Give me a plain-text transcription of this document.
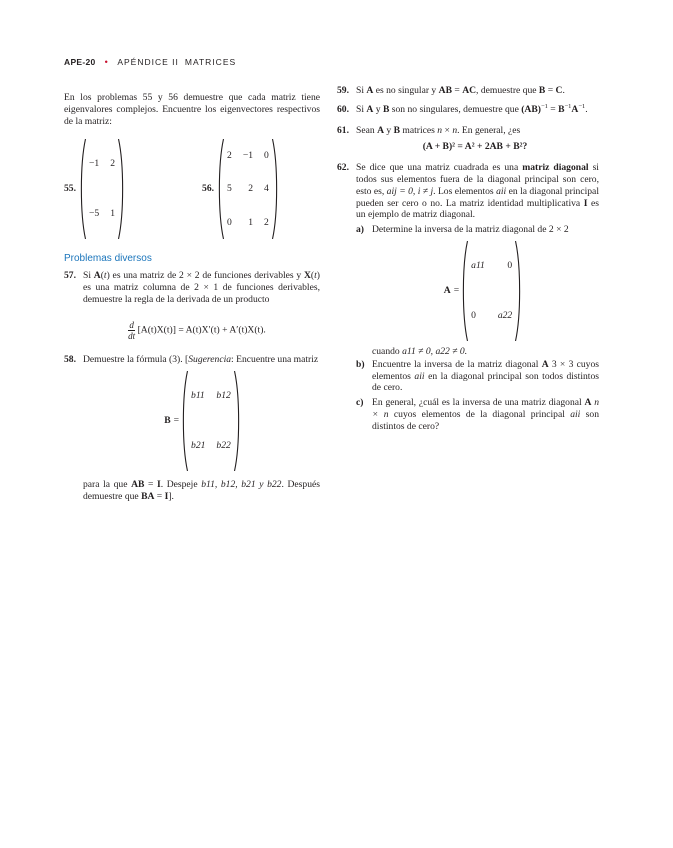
APE-20 • APÉNDICE II MATRICES

En los problemas 55 y 56 demuestre que cada matriz tiene eigenvalores complejos. Encuentre los eigenvectores respectivos de la matriz:

55.
−1	2
−5	1
56.
2	−1	0
5	2	4
0	1	2

Problemas diversos

57. Si A(t) es una matriz de 2 × 2 de funciones derivables y X(t) es una matriz columna de 2 × 1 de funciones derivables, demuestre la regla de la derivada de un producto
$\frac{d}{dt} [A(t)X(t)] = A(t)X'(t) + A'(t)X(t)$.
58. Demuestre la fórmula (3). [Sugerencia: Encuentre una matriz
B =
b11	b12
b21	b22
para la que AB = I. Despeje b11, b12, b21 y b22. Después demuestre que BA = I].
59. Si A es no singular y AB = AC, demuestre que B = C.
60. Si A y B son no singulares, demuestre que $(AB)^{-1} = B^{-1}A^{-1}$.
61. Sean A y B matrices n × n. En general, ¿es
(A + B)² = A² + 2AB + B²?
62. Se dice que una matriz cuadrada es una matriz diagonal si todos sus elementos fuera de la diagonal principal son cero, esto es, aij = 0, i ≠ j. Los elementos aii en la diagonal principal pueden ser cero o no. La matriz identidad multiplicativa I es un ejemplo de matriz diagonal.
a) Determine la inversa de la matriz diagonal de 2 × 2
A =
a11	0
0	a22
cuando a11 ≠ 0, a22 ≠ 0.
b) Encuentre la inversa de la matriz diagonal A 3 × 3 cuyos elementos aii en la diagonal principal son todos distintos de cero.
c) En general, ¿cuál es la inversa de una matriz diagonal A n × n cuyos elementos de la diagonal principal aii son distintos de cero?
